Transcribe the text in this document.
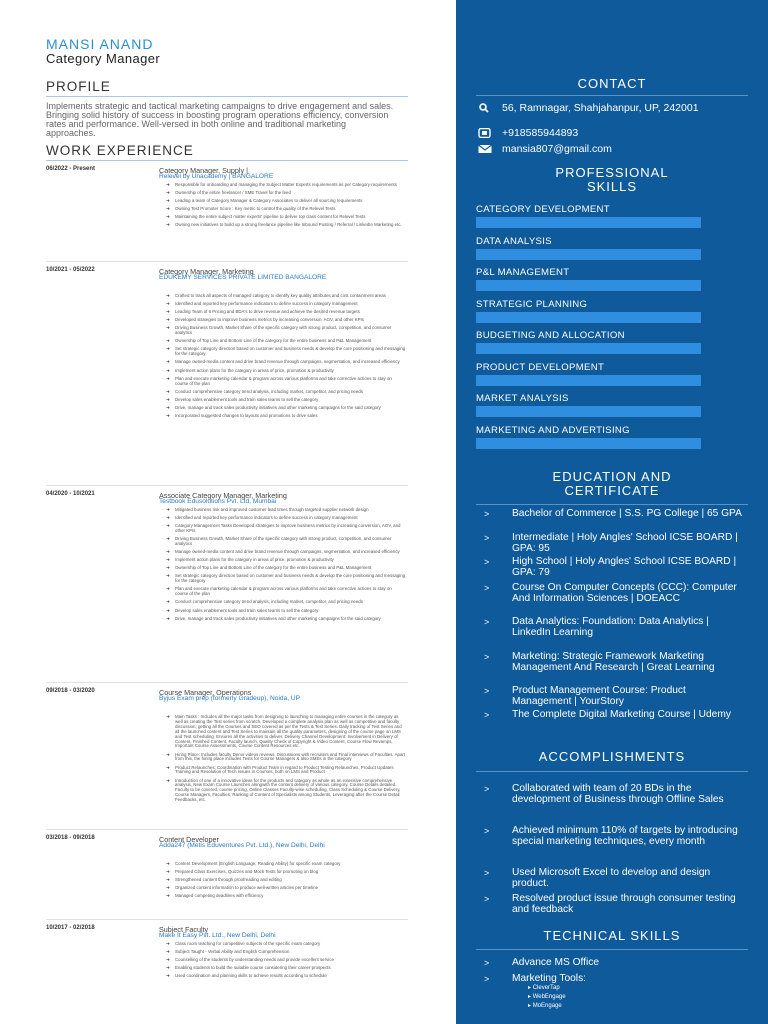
MANSI ANAND
Category Manager
PROFILE
Implements strategic and tactical marketing campaigns to drive engagement and sales. Bringing solid history of success in boosting program operations efficiency, conversion rates and performance. Well-versed in both online and traditional marketing approaches.
WORK EXPERIENCE
06/2022 - Present	Category Manager, Supply |
Relevel by Unacademy | BANGALORE
➜ Responsible for onboarding and managing the Subject Matter Experts requirements as per Category requirements
➜ Ownership of the entire freelancer / SME Travel for the feed
➜ Leading a team of Category Manager & Category Associates to deliver all sourcing requirements
➜ Owning Test Promoter Score : Key metric to control the quality of the Relevel Tests
➜ Maintaining the entire subject matter experts' pipeline to deliver top class content for Relevel Tests
➜ Owning new initiatives to build up a strong freelance pipeline like Inbound Posting / Referral / LinkedIn Marketing etc.
10/2021 - 05/2022	Category Manager, Marketing
EDUKEMY SERVICES PRIVATE LIMITED BANGALORE
➜ Crafted to track all aspects of managed category to identify key quality attributes and cost containment areas
➜ Identified and reported key performance indicators to define success in category management
➜ Leading Team of 6 Pricing and BDA's to drive revenue and achieve the desired revenue targets
➜ Developed strategies to improve business metrics by increasing conversion, AOV, and other KPIs
➜ Driving Business Growth, Market Share of the specific category with strong product, competition, and consumer analytics
➜ Ownership of Top Line and Bottom Line of the category for the entire business and P&L Management
➜ Set strategic category direction based on customer and business needs & develop the core positioning and messaging for the category
➜ Manage owned-media content and drive brand revenue through campaigns, segmentation, and increased efficiency
➜ Implement action plans for the category in areas of price, promotion & productivity
➜ Plan and execute marketing calendar & program across various platforms and take corrective actions to stay on course of the plan
➜ Conduct comprehensive category trend analysis, including market, competitor, and pricing needs
➜ Develop sales enablement tools and train sales teams to sell the category
➜ Drive, manage and track sales productivity initiatives and other marketing campaigns for the said category
➜ Incorporated suggested changes to layouts and promotions to drive sales
04/2020 - 10/2021	Associate Category Manager, Marketing
Testbook Edusolutions Pvt. Ltd, Mumbai
➜ Mitigated business risk and improved customer lead times through targeted supplier network design
➜ Identified and reported key performance indicators to define success in category management
➜ Category Management Tasks Developed strategies to improve business metrics by increasing conversion, AOV, and other KPIs
➜ Driving Business Growth, Market Share of the specific category with strong product, competition, and consumer analytics
➜ Manage owned-media content and drive brand revenue through campaigns, segmentation, and increased efficiency
➜ Implement action plans for the category in areas of price, promotion & productivity
➜ Ownership of Top Line and Bottom Line of the category for the entire business and P&L Management
➜ Set strategic category direction based on customer and business needs & develop the core positioning and messaging for the category
➜ Plan and execute marketing calendar & program across various platforms and take corrective actions to stay on course of the plan
➜ Conduct comprehensive category trend analysis, including market, competitor, and pricing needs
➜ Develop sales enablement tools and train sales teams to sell the category
➜ Drive, manage and track sales productivity initiatives and other marketing campaigns for the said category
09/2018 - 03/2020	Course Manager, Operations
Byjus Exam prep (formerly Gradeup), Noida, UP
➜ Main Tasks : Includes all the major tasks from designing to launching to managing entire courses in the category as well as creating the Test series from scratch. Developed a complete analysis plan as well as competitive and faculty discussion; getting all the Courses and SEO covered as per the Tests & Test Series. Daily tracking of Test Series and all the launched content and Test Series to maintain all the quality parameters, designing of the course page on LMS and Test scheduling. Ensures all the activities to deliver. Delivery Channel Development: Involvement in Delivery of Content, Finished Content, Faculty launch, Quality Check of Copyright & Video Content, Course Flow Revamps, Important Course Assessments, Course Content Resources etc.
➜ Hiring Place: Includes faculty Demo videos reviews, Discussions with recruiters and Final interviews of Faculties. Apart from this, the hiring place includes Tests for Course Managers & also SMEs in the category
➜ Product Relaunches: Coordination with Product Team in regard to Product Testing Relaunches, Product Updates Training and Resolution of Tech Issues in Courses, both on LMS and Product
➜ Introduction of one of a innovative ideas for the products and category as whole as an extensive comprehensive analysis, New Exam Course Launches alongwith the content delivery of various category. Course Details detailed. Faculty to be covered, course pricing, Online Classes Faculty-wise scheduling, Class Scheduling & Course Delivery, Course Managers, Faculties, Ranking of Content of Specialists among Students, Leveraging after the Course Detail Feedbacks, etc.
03/2018 - 09/2018	Content Developer
Adda247 (Metis Eduventures Pvt. Ltd.), New Delhi, Delhi
➜ Content Development (English Language, Reading Ability) for specific exam category
➜ Prepared Class Exercises, Quizzes and Mock Tests for promoting on blog
➜ Strengthened content through proofreading and editing
➜ Organized content information to produce well-written articles per timeline
➜ Managed competing deadlines with efficiency
10/2017 - 02/2018	Subject Faculty
Make It Easy Pvt. Ltd., New Delhi, Delhi
➜ Class room teaching for competitive subjects of the specific exam category
➜ Subject Taught - Verbal Ability and English Comprehension
➜ Counselling of the students by understanding needs and provide excellent service
➜ Enabling students to build the suitable course considering their career prospects
➜ Used coordination and planning skills to achieve results according to schedule
CONTACT
56, Ramnagar, Shahjahanpur, UP, 242001
+918585944893
mansia807@gmail.com
PROFESSIONAL SKILLS
CATEGORY DEVELOPMENT
DATA ANALYSIS
P&L MANAGEMENT
STRATEGIC PLANNING
BUDGETING AND ALLOCATION
PRODUCT DEVELOPMENT
MARKET ANALYSIS
MARKETING AND ADVERTISING
EDUCATION AND CERTIFICATE
> Bachelor of Commerce | S.S. PG College | 65 GPA
> Intermediate | Holy Angles' School ICSE BOARD | GPA: 95
> High School | Holy Angles' School ICSE BOARD | GPA: 79
> Course On Computer Concepts (CCC): Computer And Information Sciences | DOEACC
> Data Analytics: Foundation: Data Analytics | LinkedIn Learning
> Marketing: Strategic Framework Marketing Management And Research | Great Learning
> Product Management Course: Product Management | YourStory
> The Complete Digital Marketing Course | Udemy
ACCOMPLISHMENTS
> Collaborated with team of 20 BDs in the development of Business through Offline Sales
> Achieved minimum 110% of targets by introducing special marketing techniques, every month
> Used Microsoft Excel to develop and design product.
> Resolved product issue through consumer testing and feedback
TECHNICAL SKILLS
> Advance MS Office
> Marketing Tools:
▸ CleverTap
▸ WebEngage
▸ MoEngage
